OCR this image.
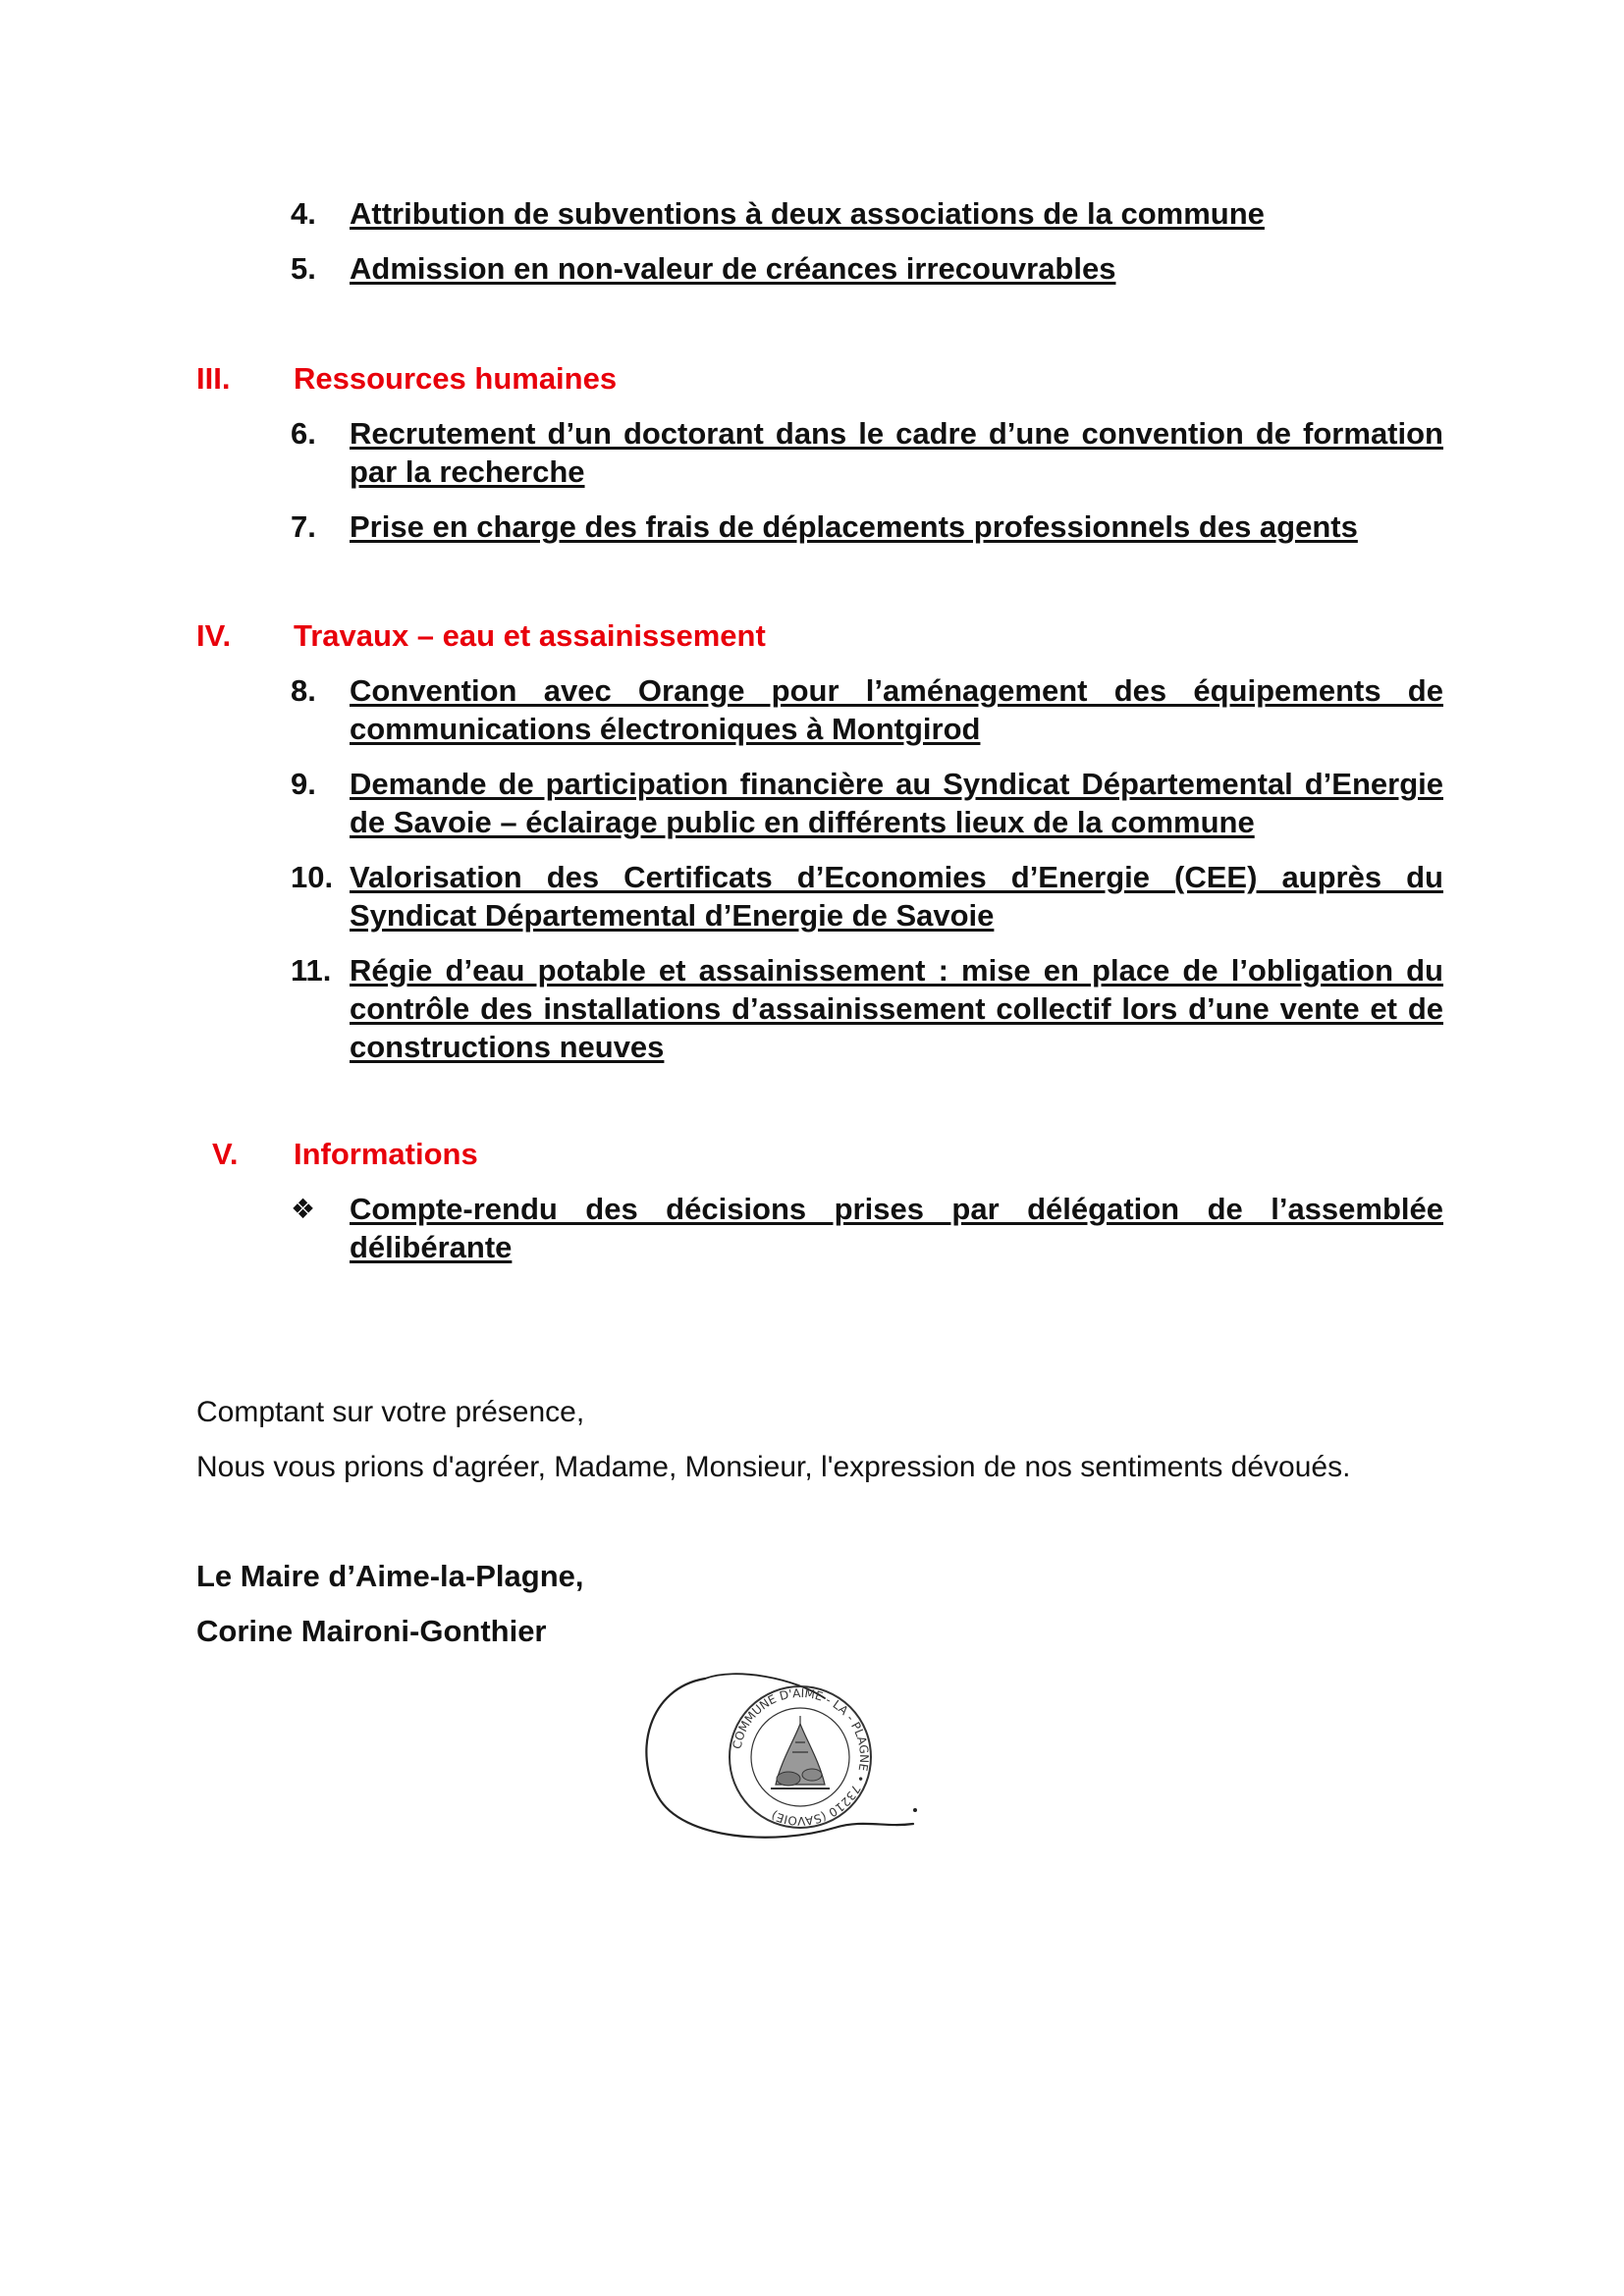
4.	Attribution de subventions à deux associations de la commune
5.	Admission en non-valeur de créances irrecouvrables
III.	Ressources humaines
6.	Recrutement d’un doctorant dans le cadre d’une convention de formation par la recherche
7.	Prise en charge des frais de déplacements professionnels des agents
IV.	Travaux – eau et assainissement
8.	Convention avec Orange pour l’aménagement des équipements de communications électroniques à Montgirod
9.	Demande de participation financière au Syndicat Départemental d’Energie de Savoie – éclairage public en différents lieux de la commune
10. Valorisation des Certificats d’Economies d’Energie (CEE) auprès du Syndicat Départemental d’Energie de Savoie
11. Régie d’eau potable et assainissement : mise en place de l’obligation du contrôle des installations d’assainissement collectif lors d’une vente et de constructions neuves
V.	Informations
❖	Compte-rendu des décisions prises par délégation de l’assemblée délibérante
Comptant sur votre présence,
Nous vous prions d'agréer, Madame, Monsieur, l'expression de nos sentiments dévoués.
Le Maire d’Aime-la-Plagne,
Corine Maironi-Gonthier
COMMUNE D'AIME - LA - PLAGNE • 73210 (SAVOIE)
